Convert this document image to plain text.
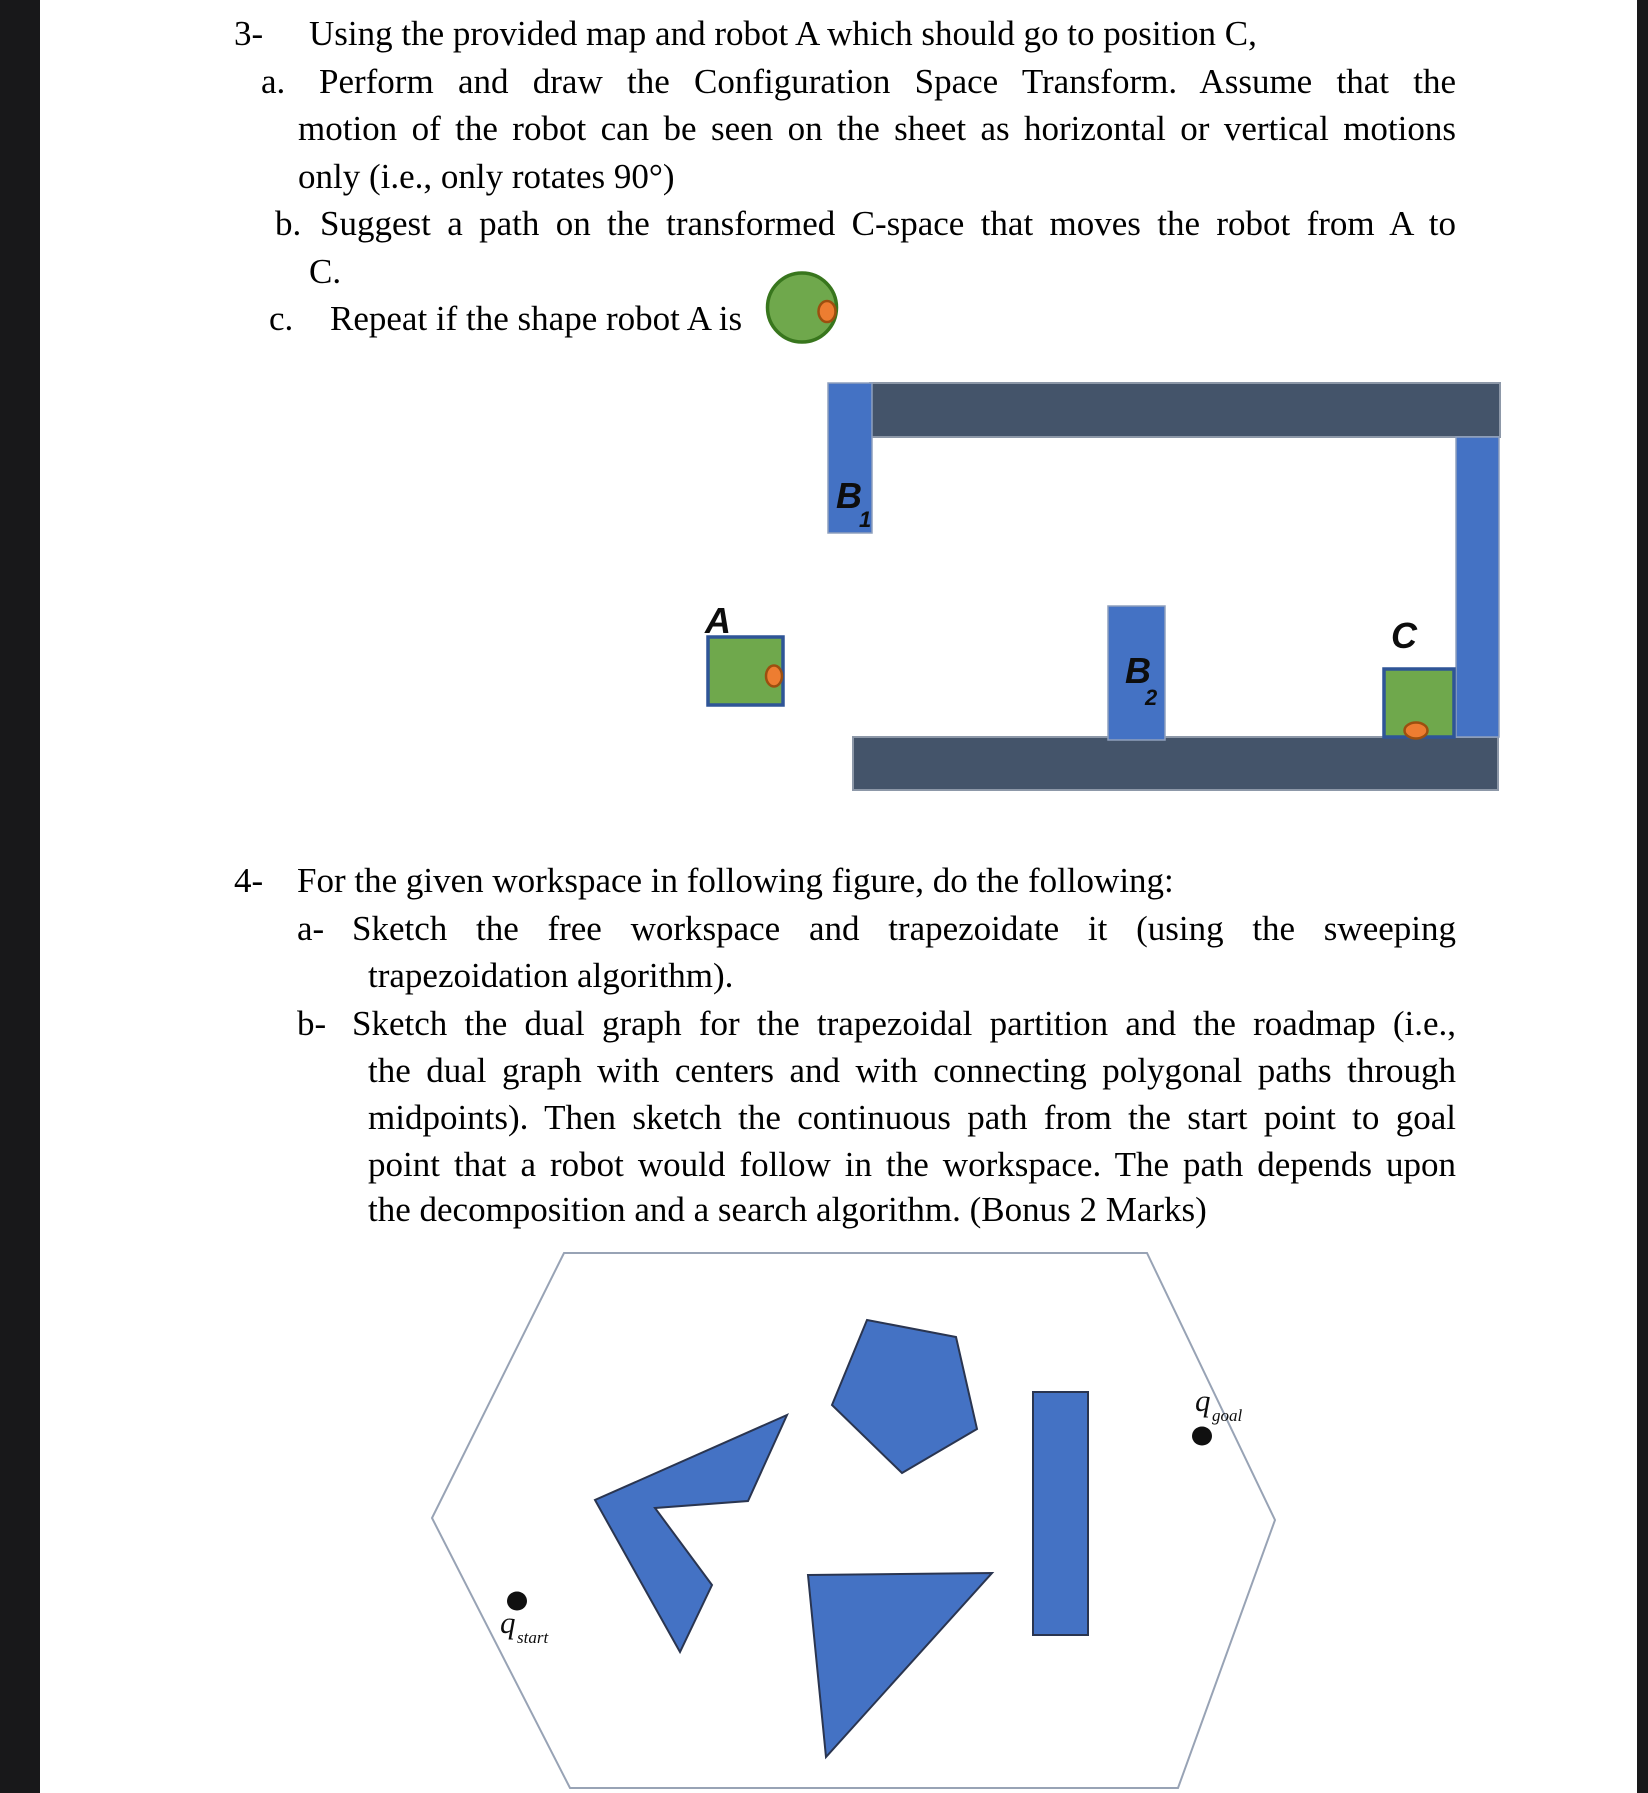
3- Using the provided map and robot A which should go to position C,
a. Perform and draw the Configuration Space Transform. Assume that the
motion of the robot can be seen on the sheet as horizontal or vertical motions
only (i.e., only rotates 90°)
b. Suggest a path on the transformed C-space that moves the robot from A to
C.
c. Repeat if the shape robot A is
4- For the given workspace in following figure, do the following:
a- Sketch the free workspace and trapezoidate it (using the sweeping
trapezoidation algorithm).
b- Sketch the dual graph for the trapezoidal partition and the roadmap (i.e.,
the dual graph with centers and with connecting polygonal paths through
midpoints). Then sketch the continuous path from the start point to goal
point that a robot would follow in the workspace. The path depends upon
the decomposition and a search algorithm. (Bonus 2 Marks)
A
B
1
B
2
C
q start
q goal
